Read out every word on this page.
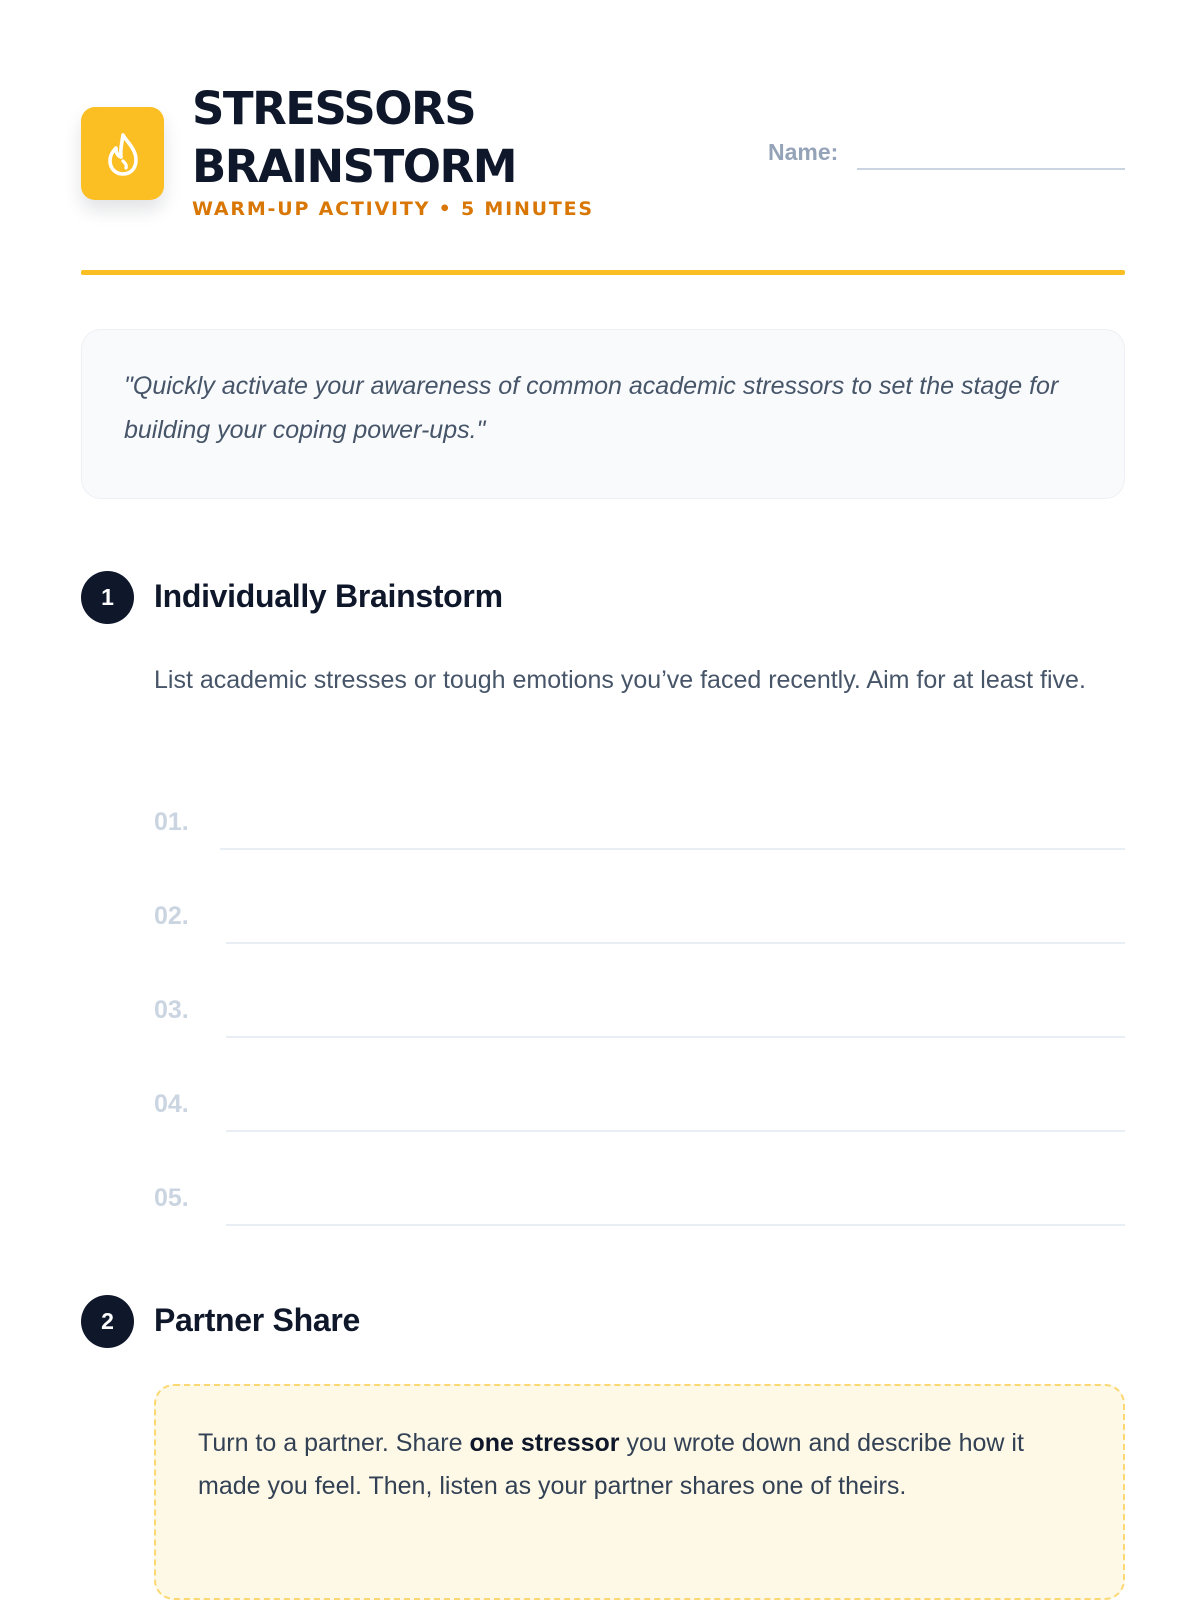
STRESSORS BRAINSTORM
WARM-UP ACTIVITY • 5 MINUTES
Name:

"Quickly activate your awareness of common academic stressors to set the stage for building your coping power-ups."

1	Individually Brainstorm

List academic stresses or tough emotions you’ve faced recently. Aim for at least five.

01.
02.
03.
04.
05.
2	Partner Share

Turn to a partner. Share one stressor you wrote down and describe how it made you feel. Then, listen as your partner shares one of theirs.
